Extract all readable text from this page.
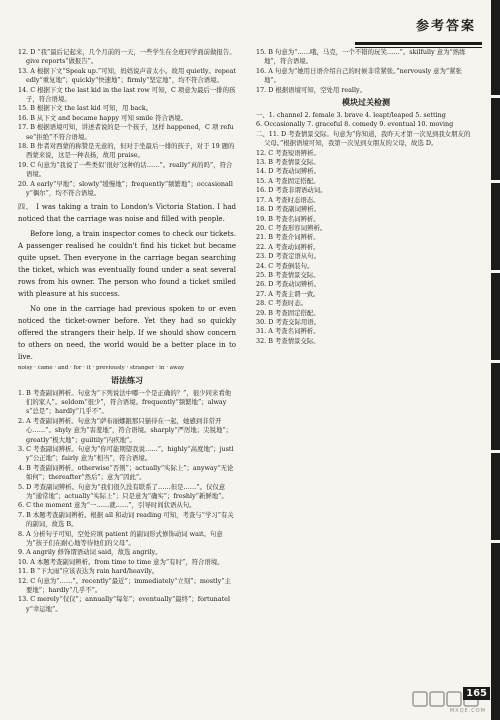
参考答案
12. D “我”最后记起来，几个月前的一天，一些学生在全班同学面前做报告。give reports“做报告”。
13. A 根据下文“Speak up.”可知，妈妈说声音太小。故用 quietly。repeatedly“重复地”；quickly“快速地”；firmly“坚定地”，均不符合语境。
14. C 根据下文 the last kid in the last row 可知，C 项意为最后一排的孩子，符合语境。
15. B 根据下文 the last kid 可知，用 back。
16. B 从下文 and became happy 可知 smile 符合语境。
17. B 根据语境可知，讲述者说的是一个孩子，这样 happened，C 项 refuse“拒绝”不符合语境。
18. B 作者对西蒙的称赞是无意的，但对于坐最后一排的孩子，对于 19 题的西蒙来说，这是一种表扬，故用 praise。
19. C 句意为“我说了一些类似‘很好’这种的话……”。really“真的吗”，符合语境。
20. A early“早地”；slowly“缓慢地”；frequently“频繁地”；occasionally“偶尔”，均不符合语境。

四、 I was taking a train to London's Victoria Station. I had noticed that the carriage was noise and filled with people.

Before long, a train inspector comes to check our tickets. A passenger realised he couldn't find his ticket but became quite upset. Then everyone in the carriage began searching the ticket, which was eventually found under a seat several rows from his owner. The person who found a ticket smiled with pleasure at his success.

No one in the carriage had previous spoken to or even noticed the ticket-owner before. Yet they had so quickly offered the strangers their help. If we should show concern to others on need, the world would be a better place in to live.

noisy · came · and · for · it · previously · stranger · in · away

语法练习
1. B 考查副词辨析。句意为“下列说法中哪一个是正确的？”，很少同来看他们的家人”。seldom“很少”，符合语境。frequently“频繁地”；always“总是”；hardly“几乎不”。
2. A 考查副词辨析。句意为“萨布丽娜跟那只猫待在一起，她感到非常开心……”。shyly 意为“害羞地”，符合语境。sharply“严厉地；尖锐地”；greatly“极大地”；guiltily“内疚地”。
3. C 考查副词辨析。句意为“你可能期望我说……”。highly“高度地”；justly“公正地”；fairly 意为“相当”，符合语境。
4. B 考查副词辨析。otherwise“否则”；actually“实际上”；anyway“无论如何”；thereafter“然后”；意为“因此”。
5. D 考查副词辨析。句意为“我们很久没有联系了……但是……”。仅仅意为“通常地”；actually“实际上”；只是意为“确实”；freshly“新鲜地”。
6. C the moment 意为“一……就……”，引导时间状语从句。
7. B 本题考查副词辨析。根据 all 和动词 reading 可知，考查与“学习”有关的副词，故选 B。
8. A 分析句子可知，空处应填 patient 的副词形式修饰动词 wait。句意为“孩子们在耐心地等待他们的父母”。
9. A angrily 修饰谓语动词 said，故选 angrily。
10. A 本题考查副词辨析。from time to time 意为“有时”，符合语境。
11. B “下大雨”应该表达为 rain hard/heavily。
12. C 句意为“……”。recently“最近”；immediately“立刻”；mostly“主要地”；hardly“几乎不”。
13. C merely“仅仅”；annually“每年”；eventually“最终”；fortunately“幸运地”。
15. B 句意为“……哦，马克，一个不错的玩笑……”。skilfully 意为“熟练地”，符合语境。
16. A 句意为“她用日语介绍自己的时候非常紧张。”nervously 意为“紧张地”。
17. D 根据语境可知，空处用 really。
模块过关检测
一、1. channel 2. female 3. brave 4. leapt/leaped 5. setting
6. Occasionally 7. graceful 8. comedy 9. eventual 10. moving
二、11. D 考查情景交际。句意为“你知道，我昨天才第一次见到我女朋友的父母。”根据语境可知，我第一次见到女朋友的父母，故选 D。
12. C 考查短语辨析。
13. B 考查情景交际。
14. D 考查动词辨析。
15. A 考查固定搭配。
16. D 考查非谓语动词。
17. A 考查时态语态。
18. D 考查副词辨析。
19. B 考查名词辨析。
20. C 考查形容词辨析。
21. B 考查介词辨析。
22. A 考查动词辨析。
23. D 考查定语从句。
24. C 考查倒装句。
25. B 考查情景交际。
26. D 考查动词辨析。
27. A 考查主谓一致。
28. C 考查时态。
29. B 考查固定搭配。
30. D 考查交际用语。
31. A 考查名词辨析。
32. B 考查情景交际。
MXQE.COM
165
